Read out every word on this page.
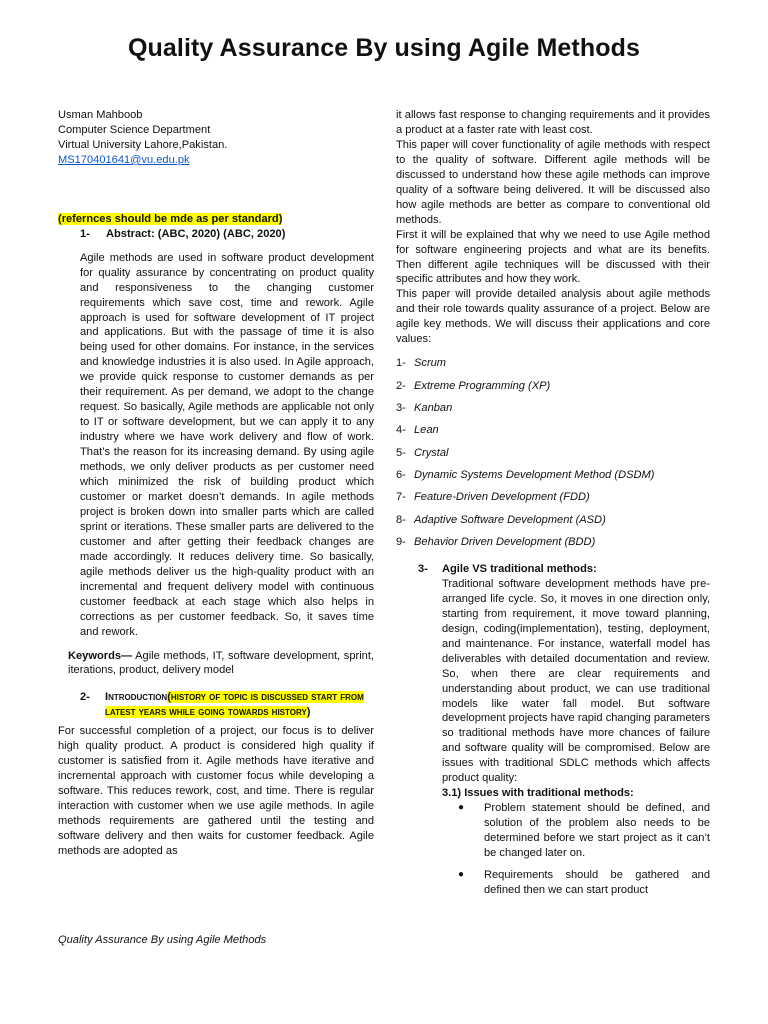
Quality Assurance By using Agile Methods
Usman Mahboob
Computer Science Department
Virtual University Lahore,Pakistan.
MS170401641@vu.edu.pk
(refernces should be mde as per standard)
1-	Abstract: (ABC, 2020) (ABC, 2020)

Agile methods are used in software product development for quality assurance by concentrating on product quality and responsiveness to the changing customer requirements which save cost, time and rework. Agile approach is used for software development of IT project and applications. But with the passage of time it is also being used for other domains. For instance, in the services and knowledge industries it is also used. In Agile approach, we provide quick response to customer demands as per their requirement. As per demand, we adopt to the change request. So basically, Agile methods are applicable not only to IT or software development, but we can apply it to any industry where we have work delivery and flow of work. That’s the reason for its increasing demand. By using agile methods, we only deliver products as per customer need which minimized the risk of building product which customer or market doesn’t demands. In agile methods project is broken down into smaller parts which are called sprint or iterations. These smaller parts are delivered to the customer and after getting their feedback changes are made accordingly. It reduces delivery time. So basically, agile methods deliver us the high-quality product with an incremental and frequent delivery model with continuous customer feedback at each stage which also helps in corrections as per customer feedback. So, it saves time and rework.

Keywords— Agile methods, IT, software development, sprint, iterations, product, delivery model

2-	Introduction(history of topic is discussed start from latest years while going towards history)

For successful completion of a project, our focus is to deliver high quality product. A product is considered high quality if customer is satisfied from it. Agile methods have iterative and incremental approach with customer focus while developing a software. This reduces rework, cost, and time. There is regular interaction with customer when we use agile methods. In agile methods requirements are gathered until the testing and software delivery and then waits for customer feedback. Agile methods are adopted as

it allows fast response to changing requirements and it provides a product at a faster rate with least cost.

This paper will cover functionality of agile methods with respect to the quality of software. Different agile methods will be discussed to understand how these agile methods can improve quality of a software being delivered. It will be discussed also how agile methods are better as compare to conventional old methods.

First it will be explained that why we need to use Agile method for software engineering projects and what are its benefits. Then different agile techniques will be discussed with their specific attributes and how they work.

This paper will provide detailed analysis about agile methods and their role towards quality assurance of a project. Below are agile key methods. We will discuss their applications and core values:

1- Scrum
2- Extreme Programming (XP)
3- Kanban
4- Lean
5- Crystal
6- Dynamic Systems Development Method (DSDM)
7- Feature-Driven Development (FDD)
8- Adaptive Software Development (ASD)
9- Behavior Driven Development (BDD)
3-	Agile VS traditional methods:

Traditional software development methods have pre-arranged life cycle. So, it moves in one direction only, starting from requirement, it move toward planning, design, coding(implementation), testing, deployment, and maintenance. For instance, waterfall model has deliverables with detailed documentation and review. So, when there are clear requirements and understanding about product, we can use traditional models like water fall model. But software development projects have rapid changing parameters so traditional methods have more chances of failure and software quality will be compromised. Below are issues with traditional SDLC methods which affects product quality:

3.1) Issues with traditional methods:
●	Problem statement should be defined, and solution of the problem also needs to be determined before we start project as it can’t be changed later on.
●	Requirements should be gathered and defined then we can start product
Quality Assurance By using Agile Methods
